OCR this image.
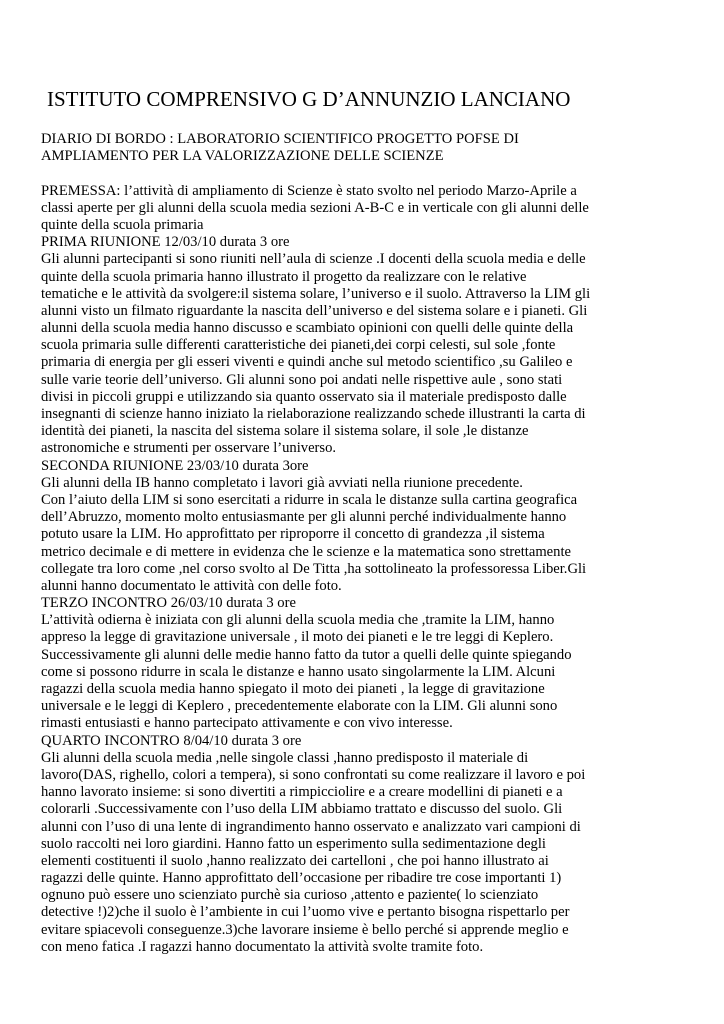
ISTITUTO COMPRENSIVO G D’ANNUNZIO LANCIANO
DIARIO DI BORDO : LABORATORIO SCIENTIFICO PROGETTO POFSE DI
AMPLIAMENTO PER LA VALORIZZAZIONE DELLE SCIENZE
PREMESSA: l’attività di ampliamento di Scienze è stato svolto nel periodo Marzo-Aprile a
classi aperte per gli alunni della scuola media sezioni A-B-C e in verticale con gli alunni delle
quinte della scuola primaria
PRIMA RIUNIONE 12/03/10 durata 3 ore
Gli alunni partecipanti si sono riuniti nell’aula di scienze .I docenti della scuola media e delle
quinte della scuola primaria hanno illustrato il progetto da realizzare con le relative
tematiche e le attività da svolgere:il sistema solare, l’universo e il suolo. Attraverso la LIM gli
alunni visto un filmato riguardante la nascita dell’universo e del sistema solare e i pianeti. Gli
alunni della scuola media hanno discusso e scambiato opinioni con quelli delle quinte della
scuola primaria sulle differenti caratteristiche dei pianeti,dei corpi celesti, sul sole ,fonte
primaria di energia per gli esseri viventi e quindi anche sul metodo scientifico ,su Galileo e
sulle varie teorie dell’universo. Gli alunni sono poi andati nelle rispettive aule , sono stati
divisi in piccoli gruppi e utilizzando sia quanto osservato sia il materiale predisposto dalle
insegnanti di scienze hanno iniziato la rielaborazione realizzando schede illustranti la carta di
identità dei pianeti, la nascita del sistema solare il sistema solare, il sole ,le distanze
astronomiche e strumenti per osservare l’universo.
SECONDA RIUNIONE 23/03/10 durata 3ore
Gli alunni della IB hanno completato i lavori già avviati nella riunione precedente.
Con l’aiuto della LIM si sono esercitati a ridurre in scala le distanze sulla cartina geografica
dell’Abruzzo, momento molto entusiasmante per gli alunni perché individualmente hanno
potuto usare la LIM. Ho approfittato per riproporre il concetto di grandezza ,il sistema
metrico decimale e di mettere in evidenza che le scienze e la matematica sono strettamente
collegate tra loro come ,nel corso svolto al De Titta ,ha sottolineato la professoressa Liber.Gli
alunni hanno documentato le attività con delle foto.
TERZO INCONTRO 26/03/10 durata 3 ore
L’attività odierna è iniziata con gli alunni della scuola media che ,tramite la LIM, hanno
appreso la legge di gravitazione universale , il moto dei pianeti e le tre leggi di Keplero.
Successivamente gli alunni delle medie hanno fatto da tutor a quelli delle quinte spiegando
come si possono ridurre in scala le distanze e hanno usato singolarmente la LIM. Alcuni
ragazzi della scuola media hanno spiegato il moto dei pianeti , la legge di gravitazione
universale e le leggi di Keplero , precedentemente elaborate con la LIM. Gli alunni sono
rimasti entusiasti e hanno partecipato attivamente e con vivo interesse.
QUARTO INCONTRO 8/04/10 durata 3 ore
Gli alunni della scuola media ,nelle singole classi ,hanno predisposto il materiale di
lavoro(DAS, righello, colori a tempera), si sono confrontati su come realizzare il lavoro e poi
hanno lavorato insieme: si sono divertiti a rimpicciolire e a creare modellini di pianeti e a
colorarli .Successivamente con l’uso della LIM abbiamo trattato e discusso del suolo. Gli
alunni con l’uso di una lente di ingrandimento hanno osservato e analizzato vari campioni di
suolo raccolti nei loro giardini. Hanno fatto un esperimento sulla sedimentazione degli
elementi costituenti il suolo ,hanno realizzato dei cartelloni , che poi hanno illustrato ai
ragazzi delle quinte. Hanno approfittato dell’occasione per ribadire tre cose importanti 1)
ognuno può essere uno scienziato purchè sia curioso ,attento e paziente( lo scienziato
detective !)2)che il suolo è l’ambiente in cui l’uomo vive e pertanto bisogna rispettarlo per
evitare spiacevoli conseguenze.3)che lavorare insieme è bello perché si apprende meglio e
con meno fatica .I ragazzi hanno documentato la attività svolte tramite foto.
